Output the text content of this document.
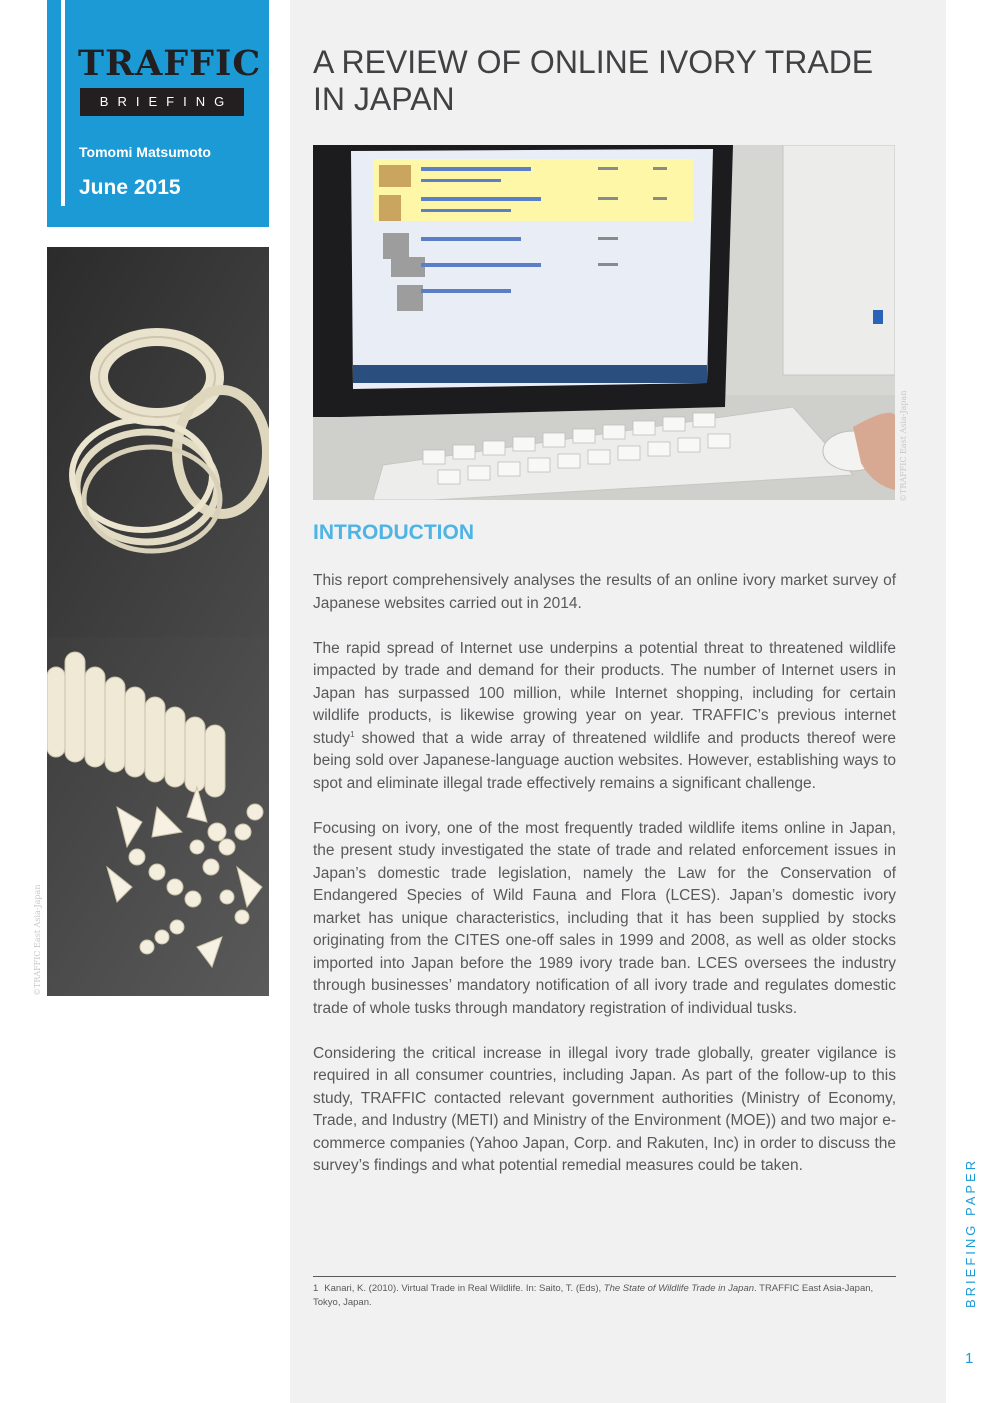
TRAFFIC
BRIEFING
Tomomi Matsumoto
June 2015
©TRAFFIC East Asia-Japan
A REVIEW OF ONLINE IVORY TRADE IN JAPAN
©TRAFFIC East Asia-Japan
INTRODUCTION

This report comprehensively analyses the results of an online ivory market survey of Japanese websites carried out in 2014.

The rapid spread of Internet use underpins a potential threat to threatened wildlife impacted by trade and demand for their products. The number of Internet users in Japan has surpassed 100 million, while Internet shopping, including for certain wildlife products, is likewise growing year on year. TRAFFIC’s previous internet study$^1$ showed that a wide array of threatened wildlife and products thereof were being sold over Japanese-language auction websites. However, establishing ways to spot and eliminate illegal trade effectively remains a significant challenge.

Focusing on ivory, one of the most frequently traded wildlife items online in Japan, the present study investigated the state of trade and related enforcement issues in Japan’s domestic trade legislation, namely the Law for the Conservation of Endangered Species of Wild Fauna and Flora (LCES). Japan’s domestic ivory market has unique characteristics, including that it has been supplied by stocks originating from the CITES one-off sales in 1999 and 2008, as well as older stocks imported into Japan before the 1989 ivory trade ban. LCES oversees the industry through businesses’ mandatory notification of all ivory trade and regulates domestic trade of whole tusks through mandatory registration of individual tusks.

Considering the critical increase in illegal ivory trade globally, greater vigilance is required in all consumer countries, including Japan. As part of the follow-up to this study, TRAFFIC contacted relevant government authorities (Ministry of Economy, Trade, and Industry (METI) and Ministry of the Environment (MOE)) and two major e-commerce companies (Yahoo Japan, Corp. and Rakuten, Inc) in order to discuss the survey’s findings and what potential remedial measures could be taken.

1 Kanari, K. (2010). Virtual Trade in Real Wildlife. In: Saito, T. (Eds), The State of Wildlife Trade in Japan. TRAFFIC East Asia-Japan, Tokyo, Japan.	BRIEFING PAPER
1
